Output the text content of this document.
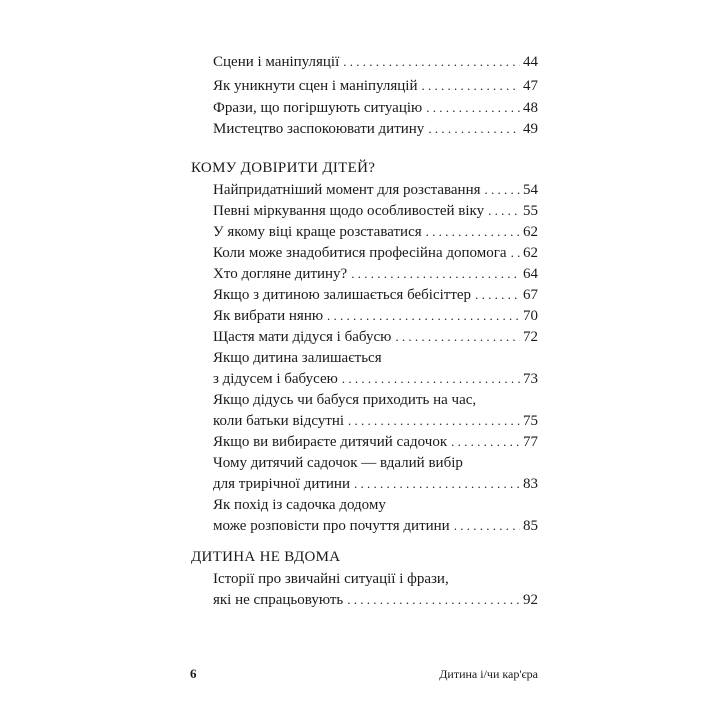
Сцени і маніпуляції . . .	44
Як уникнути сцен і маніпуляцій . . .	47
Фрази, що погіршують ситуацію . . .	48
Мистецтво заспокоювати дитину . . .	49
КОМУ ДОВІРИТИ ДІТЕЙ?
Найпридатніший момент для розставання . . .	54
Певні міркування щодо особливостей віку . . .	55
У якому віці краще розставатися . . .	62
Коли може знадобитися професійна допомога . . . 62
Хто догляне дитину? . . .	64
Якщо з дитиною залишається бебісіттер . . .	67
Як вибрати няню . . .	70
Щастя мати дідуся і бабусю . . .	72
Якщо дитина залишається
з дідусем і бабусею . . .	73
Якщо дідусь чи бабуся приходить на час,
коли батьки відсутні . . .	75
Якщо ви вибираєте дитячий садочок . . .	77
Чому дитячий садочок — вдалий вибір
для трирічної дитини . . .	83
Як похід із садочка додому
може розповісти про почуття дитини . . .	85
ДИТИНА НЕ ВДОМА
Історії про звичайні ситуації і фрази,
які не спрацьовують . . .	92
6	Дитина і/чи кар'єра
